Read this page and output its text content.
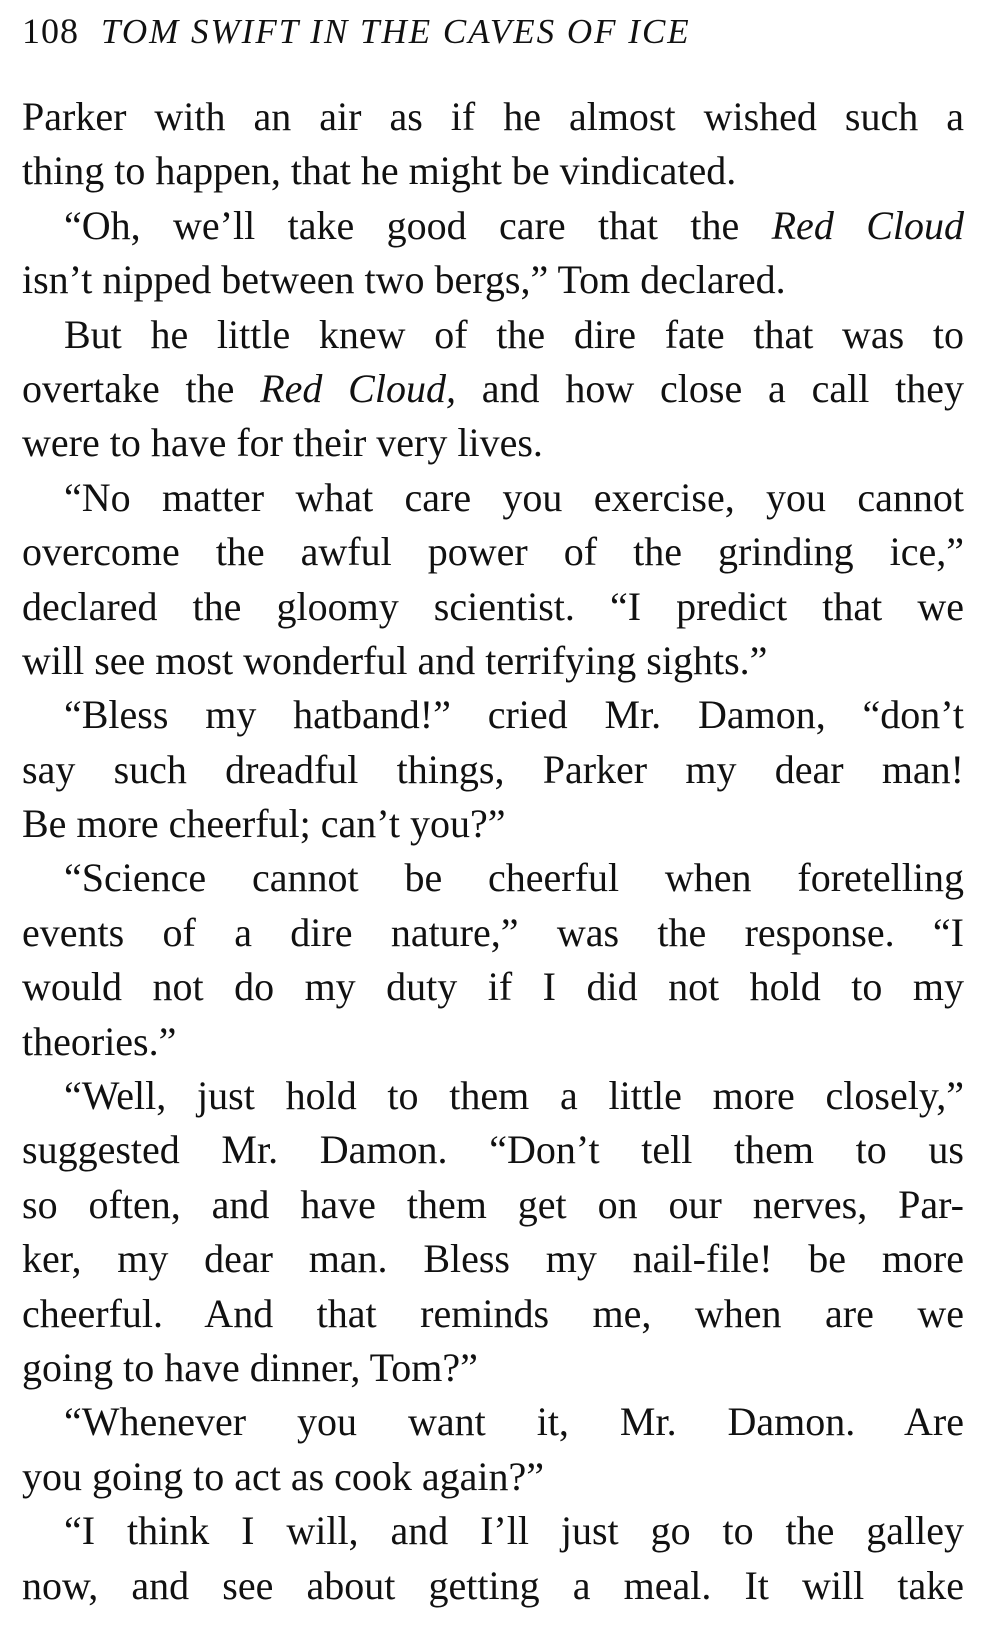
108 TOM SWIFT IN THE CAVES OF ICE
Parker with an air as if he almost wished such a
thing to happen, that he might be vindicated.
“Oh, we’ll take good care that the Red Cloud
isn’t nipped between two bergs,” Tom declared.
But he little knew of the dire fate that was to
overtake the Red Cloud, and how close a call they
were to have for their very lives.
“No matter what care you exercise, you cannot
overcome the awful power of the grinding ice,”
declared the gloomy scientist. “I predict that we
will see most wonderful and terrifying sights.”
“Bless my hatband!” cried Mr. Damon, “don’t
say such dreadful things, Parker my dear man!
Be more cheerful; can’t you?”
“Science cannot be cheerful when foretelling
events of a dire nature,” was the response. “I
would not do my duty if I did not hold to my
theories.”
“Well, just hold to them a little more closely,”
suggested Mr. Damon. “Don’t tell them to us
so often, and have them get on our nerves, Par-
ker, my dear man. Bless my nail-file! be more
cheerful. And that reminds me, when are we
going to have dinner, Tom?”
“Whenever you want it, Mr. Damon. Are
you going to act as cook again?”
“I think I will, and I’ll just go to the galley
now, and see about getting a meal. It will take
